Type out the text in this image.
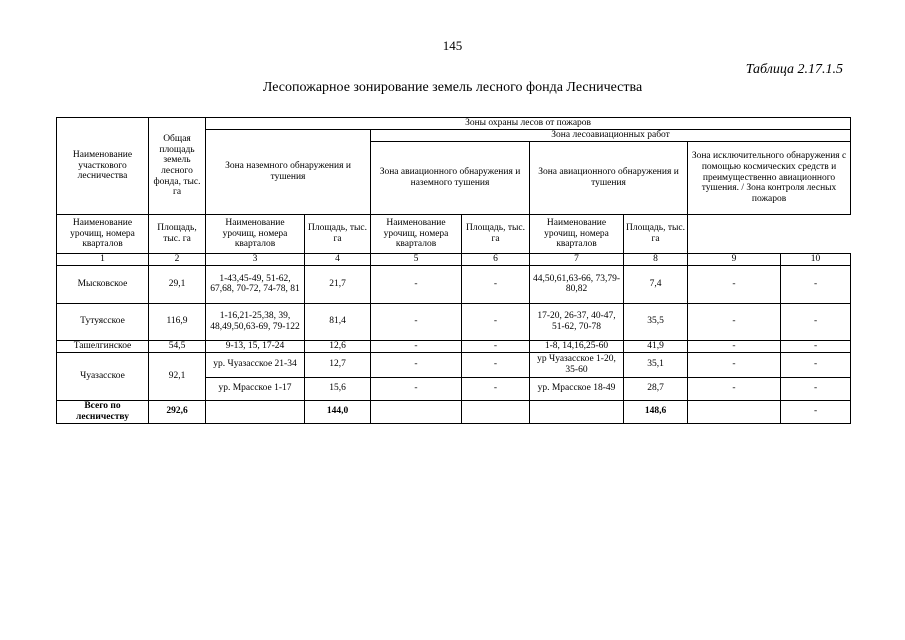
145
Таблица 2.17.1.5
Лесопожарное зонирование земель лесного фонда Лесничества
Наименование участкового лесничества	Общая площадь земель лесного фонда, тыс. га	Зоны охраны лесов от пожаров							
		Зона наземного обнаружения и тушения		Зона лесоавиационных работ					
				Зона авиационного обнаружения и наземного тушения		Зона авиационного обнаружения и тушения		Зона исключительного обнаружения с помощью космических средств и преимущественно авиационного тушения. / Зона контроля лесных пожаров	

Наименование урочищ, номера кварталов	Площадь, тыс. га	Наименование урочищ, номера кварталов	Площадь, тыс. га	Наименование урочищ, номера кварталов	Площадь, тыс. га	Наименование урочищ, номера кварталов	Площадь, тыс. га		
1	2	3	4	5	6	7	8	9	10
Мысковское	29,1	1-43,45-49, 51-62, 67,68, 70-72, 74-78, 81	21,7	-	-	44,50,61,63-66, 73,79-80,82	7,4	-	-
Тутуясское	116,9	1-16,21-25,38, 39, 48,49,50,63-69, 79-122	81,4	-	-	17-20, 26-37, 40-47, 51-62, 70-78	35,5	-	-
Ташелгинское	54,5	9-13, 15, 17-24	12,6	-	-	1-8, 14,16,25-60	41,9	-	-
Чуазасское	92,1	ур. Чуазасское 21-34	12,7	-	-	ур Чуазасское 1-20, 35-60	35,1	-	-
		ур. Мрасское 1-17	15,6	-	-	ур. Мрасское 18-49	28,7	-	-
Всего по лесничеству	292,6		144,0				148,6		-
